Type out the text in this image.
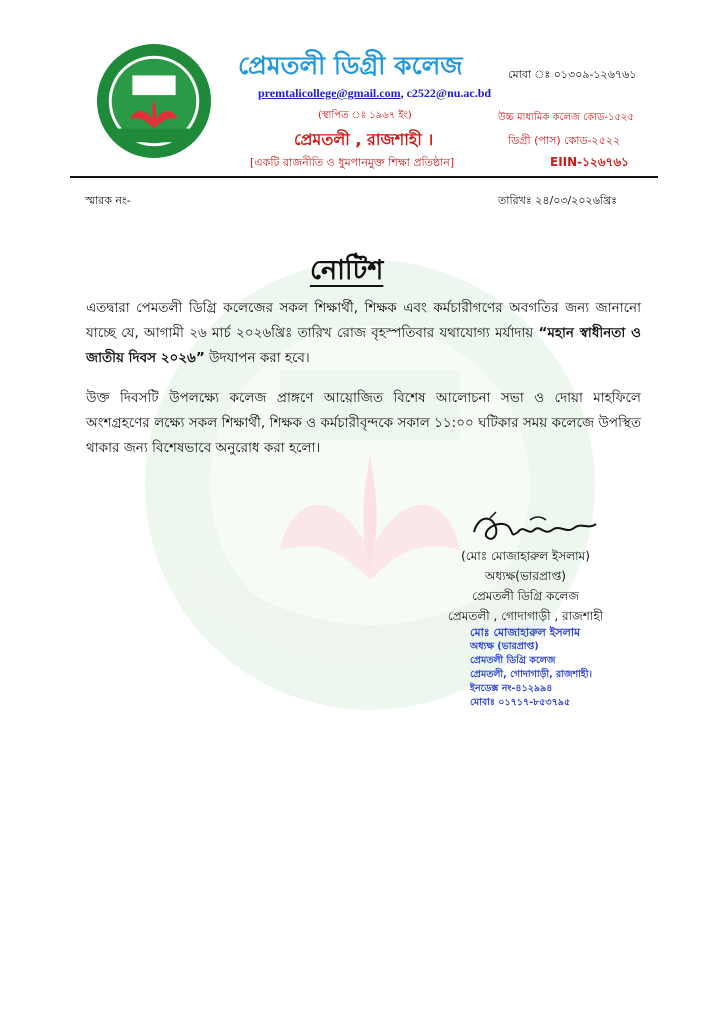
প্রেমতলী ডিগ্রী কলেজ	মোবা ঃ ০১৩০৯-১২৬৭৬১
premtalicollege@gmail.com, c2522@nu.ac.bd
(স্থাপিত ঃ ১৯৬৭ ইং)	উচ্চ মাধ্যমিক কলেজ কোড-১৫২৫
প্রেমতলী , রাজশাহী ।	ডিগ্রী (পাস) কোড-২৫২২
[একটি রাজনীতি ও ধুমপানমুক্ত শিক্ষা প্রতিষ্ঠান]	EIIN-১২৬৭৬১
স্মারক নং-	তারিখঃ ২৪/০৩/২০২৬খ্রিঃ
নোটিশ
এতদ্বারা পেমতলী ডিগ্রি কলেজের সকল শিক্ষার্থী, শিক্ষক এবং কর্মচারীগণের অবগতির জন্য জানানো যাচ্ছে যে, আগামী ২৬ মার্চ ২০২৬খ্রিঃ তারিখ রোজ বৃহস্পতিবার যথাযোগ্য মর্যাদায় “মহান স্বাধীনতা ও জাতীয় দিবস ২০২৬” উদযাপন করা হবে।
উক্ত দিবসটি উপলক্ষ্যে কলেজ প্রাঙ্গণে আয়োজিত বিশেষ আলোচনা সভা ও দোয়া মাহফিলে অংশগ্রহণের লক্ষ্যে সকল শিক্ষার্থী, শিক্ষক ও কর্মচারীবৃন্দকে সকাল ১১:০০ ঘটিকার সময় কলেজে উপস্থিত থাকার জন্য বিশেষভাবে অনুরোধ করা হলো।
(মোঃ মোজাহারুল ইসলাম)
অধ্যক্ষ(ভারপ্রাপ্ত)
প্রেমতলী ডিগ্রি কলেজ
প্রেমতলী , গোদাগাড়ী , রাজশাহী
মোঃ মোজাহারুল ইসলাম
অধ্যক্ষ (ভারপ্রাপ্ত)
প্রেমতলী ডিগ্রি কলেজ
প্রেমতলী, গোদাগাড়ী, রাজশাহী।
ইনডেক্স নং-৪১২৯৯৪
মোবাঃ ০১৭১৭-৮৫৩৭৯৫
